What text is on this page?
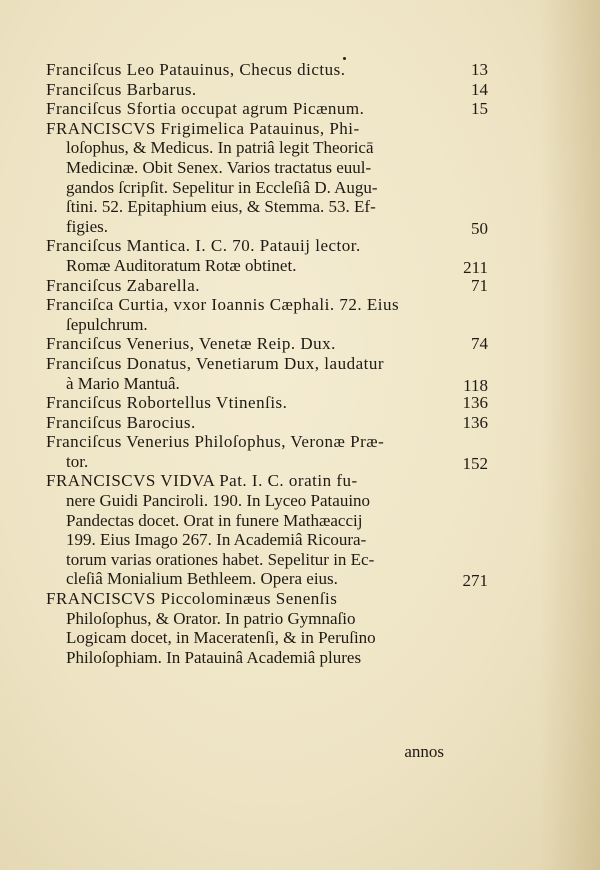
Franciſcus Leo Patauinus, Checus dictus.	13
Franciſcus Barbarus.	14
Franciſcus Sfortia occupat agrum Picænum.	15
FRANCISCVS Frigimelica Patauinus, Phi-
loſophus, & Medicus. In patriâ legit Theoricā
Medicinæ. Obit Senex. Varios tractatus euul-
gandos ſcripſit. Sepelitur in Eccleſiâ D. Augu-
ſtini. 52. Epitaphium eius, & Stemma. 53. Ef-
figies.	50
Franciſcus Mantica. I. C. 70. Patauij lector.
Romæ Auditoratum Rotæ obtinet.	211
Franciſcus Zabarella.	71
Franciſca Curtia, vxor Ioannis Cæphali. 72. Eius
ſepulchrum.
Franciſcus Venerius, Venetæ Reip. Dux.	74
Franciſcus Donatus, Venetiarum Dux, laudatur
à Mario Mantuâ.	118
Franciſcus Robortellus Vtinenſis.	136
Franciſcus Barocius.	136
Franciſcus Venerius Philoſophus, Veronæ Præ-
tor.	152
FRANCISCVS VIDVA Pat. I. C. oratin fu-
nere Guidi Panciroli. 190. In Lyceo Patauino
Pandectas docet. Orat in funere Mathæaccij
199. Eius Imago 267. In Academiâ Ricoura-
torum varias orationes habet. Sepelitur in Ec-
cleſiâ Monialium Bethleem. Opera eius.	271
FRANCISCVS Piccolominæus Senenſis
Philoſophus, & Orator. In patrio Gymnaſio
Logicam docet, in Maceratenſi, & in Peruſino
Philoſophiam. In Patauinâ Academiâ plures
annos
